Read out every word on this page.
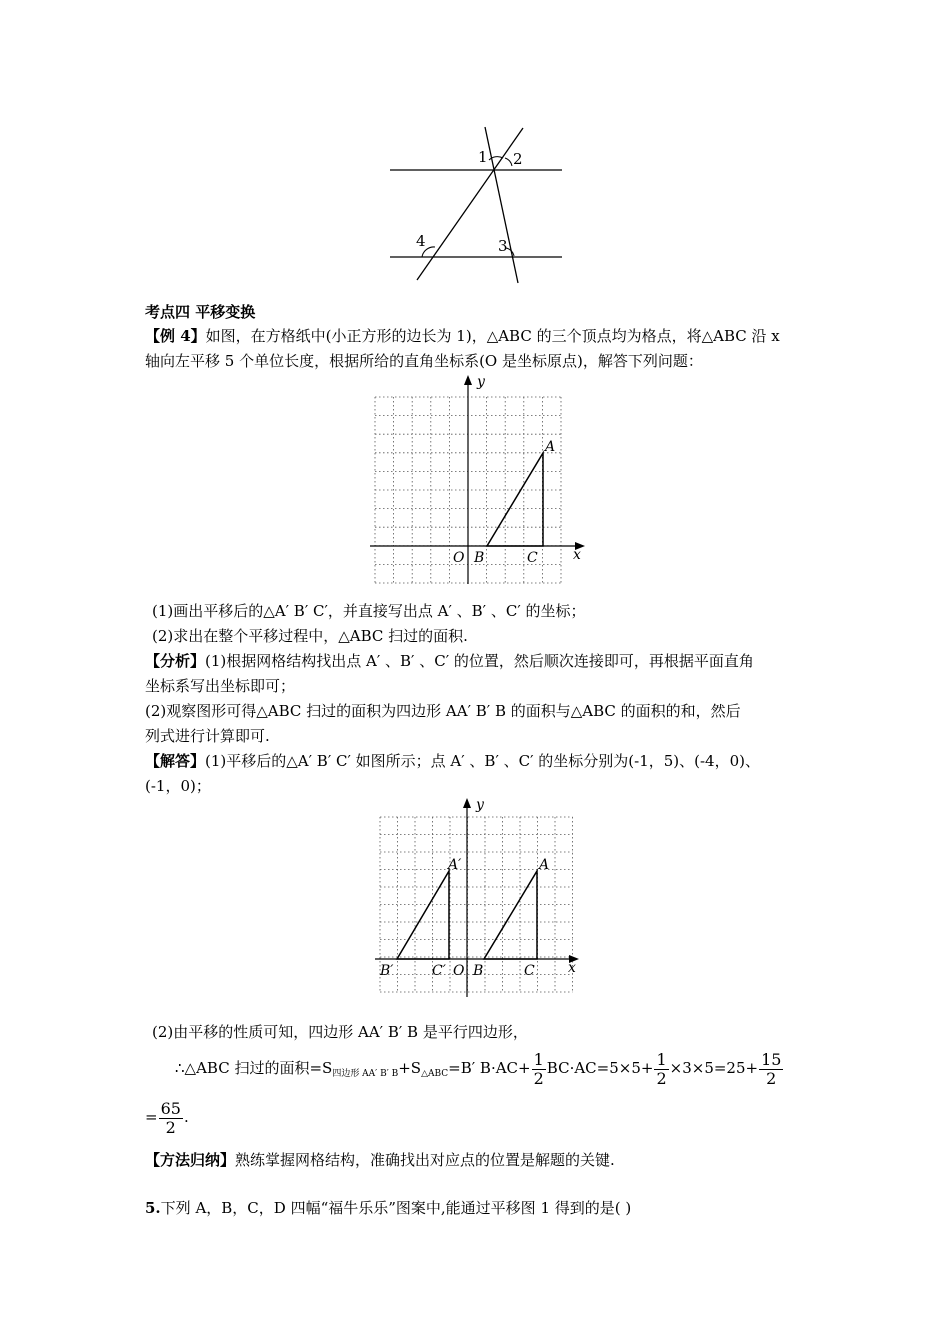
1 2
3
4
考点四 平移变换
【例 4】如图，在方格纸中(小正方形的边长为 1)，△ABC 的三个顶点均为格点，将△ABC 沿 x
轴向左平移 5 个单位长度，根据所给的直角坐标系(O 是坐标原点)，解答下列问题：
y
x
O B	C
A
(1)画出平移后的△A′ B′ C′，并直接写出点 A′ 、B′ 、C′ 的坐标；
(2)求出在整个平移过程中，△ABC 扫过的面积.
【分析】(1)根据网格结构找出点 A′ 、B′ 、C′ 的位置，然后顺次连接即可，再根据平面直角
坐标系写出坐标即可；
(2)观察图形可得△ABC 扫过的面积为四边形 AA′ B′ B 的面积与△ABC 的面积的和，然后
列式进行计算即可.
【解答】(1)平移后的△A′ B′ C′ 如图所示；点 A′ 、B′ 、C′ 的坐标分别为(-1，5)、(-4，0)、
(-1，0)；
y
x
O B	C
A
B′	C′
A′
(2)由平移的性质可知，四边形 AA′ B′ B 是平行四边形，
∴△ABC 扫过的面积$=S_{四边形 AA' B' B}+S_{\triangle ABC}=B'$ $B\cdot AC+ \frac{1}{2} BC\cdot AC=5\times 5+ \frac{1}{2} \times 3\times 5=25+ \frac{15}{2}$
= $\frac{65}{2}$ .
【方法归纳】熟练掌握网格结构，准确找出对应点的位置是解题的关键.
5.下列 A，B，C，D 四幅“福牛乐乐”图案中,能通过平移图 1 得到的是( )
